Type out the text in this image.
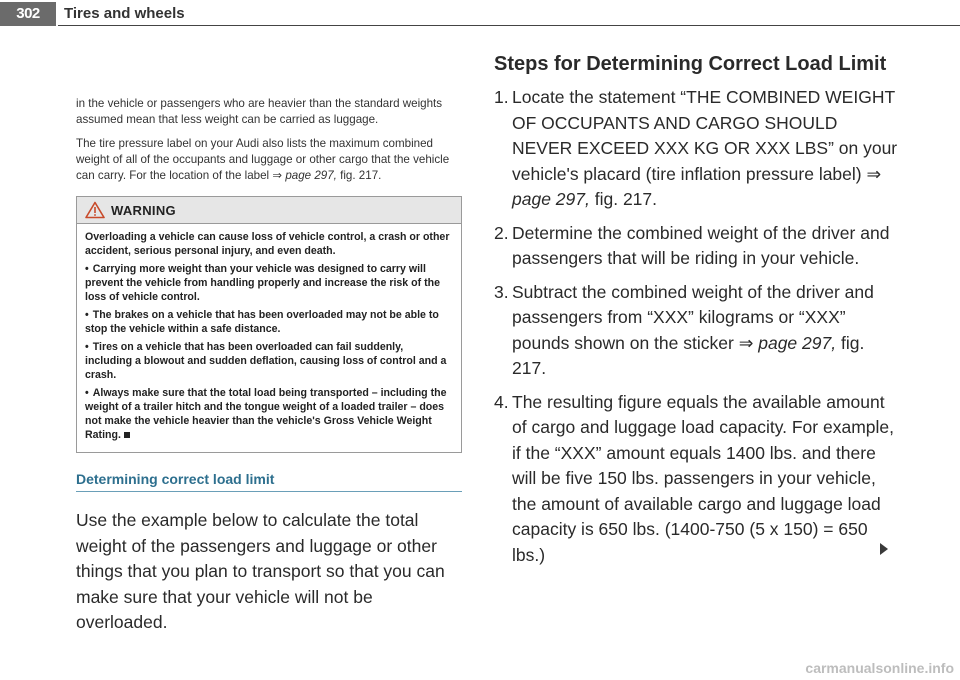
302	Tires and wheels

in the vehicle or passengers who are heavier than the standard weights assumed mean that less weight can be carried as luggage.

The tire pressure label on your Audi also lists the maximum combined weight of all of the occupants and luggage or other cargo that the vehicle can carry. For the location of the label ⇒ page 297, fig. 217.

WARNING

Overloading a vehicle can cause loss of vehicle control, a crash or other accident, serious personal injury, and even death.

• Carrying more weight than your vehicle was designed to carry will prevent the vehicle from handling properly and increase the risk of the loss of vehicle control.

• The brakes on a vehicle that has been overloaded may not be able to stop the vehicle within a safe distance.

• Tires on a vehicle that has been overloaded can fail suddenly, including a blowout and sudden deflation, causing loss of control and a crash.

• Always make sure that the total load being transported – including the weight of a trailer hitch and the tongue weight of a loaded trailer – does not make the vehicle heavier than the vehicle's Gross Vehicle Weight Rating.

Determining correct load limit
Use the example below to calculate the total weight of the passengers and luggage or other things that you plan to transport so that you can make sure that your vehicle will not be overloaded.
Steps for Determining Correct Load Limit
1. Locate the statement “THE COMBINED WEIGHT OF OCCUPANTS AND CARGO SHOULD NEVER EXCEED XXX KG OR XXX LBS” on your vehicle's placard (tire inflation pressure label) ⇒ page 297, fig. 217.
2. Determine the combined weight of the driver and passengers that will be riding in your vehicle.
3. Subtract the combined weight of the driver and passengers from “XXX” kilograms or “XXX” pounds shown on the sticker ⇒ page 297, fig. 217.
4. The resulting figure equals the available amount of cargo and luggage load capacity. For example, if the “XXX” amount equals 1400 lbs. and there will be five 150 lbs. passengers in your vehicle, the amount of available cargo and luggage load capacity is 650 lbs. (1400-750 (5 x 150) = 650 lbs.)
carmanualsonline.info
